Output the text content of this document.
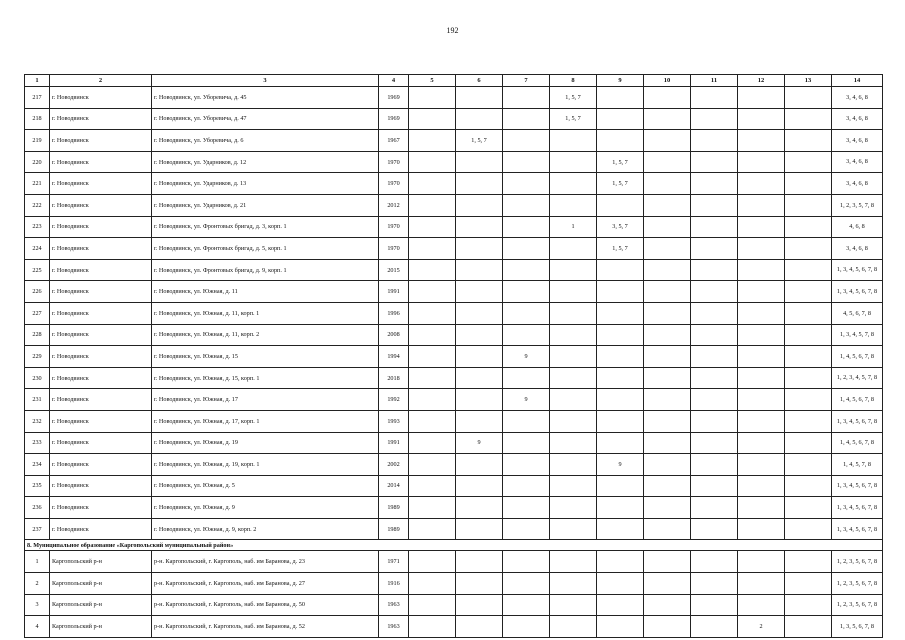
192
1	2	3	4	5	6	7	8	9	10	11	12	13	14
217	г. Новодвинск	г. Новодвинск, ул. Уборевича, д. 45	1969				1, 5, 7						3, 4, 6, 8
218	г. Новодвинск	г. Новодвинск, ул. Уборевича, д. 47	1969				1, 5, 7						3, 4, 6, 8
219	г. Новодвинск	г. Новодвинск, ул. Уборевича, д. 6	1967		1, 5, 7								3, 4, 6, 8
220	г. Новодвинск	г. Новодвинск, ул. Ударников, д. 12	1970					1, 5, 7					3, 4, 6, 8
221	г. Новодвинск	г. Новодвинск, ул. Ударников, д. 13	1970					1, 5, 7					3, 4, 6, 8
222	г. Новодвинск	г. Новодвинск, ул. Ударников, д. 21	2012										1, 2, 3, 5, 7, 8
223	г. Новодвинск	г. Новодвинск, ул. Фронтовых бригад, д. 3, корп. 1	1970				1	3, 5, 7					4, 6, 8
224	г. Новодвинск	г. Новодвинск, ул. Фронтовых бригад, д. 5, корп. 1	1970					1, 5, 7					3, 4, 6, 8
225	г. Новодвинск	г. Новодвинск, ул. Фронтовых бригад, д. 9, корп. 1	2015										1, 3, 4, 5, 6, 7, 8
226	г. Новодвинск	г. Новодвинск, ул. Южная, д. 11	1991										1, 3, 4, 5, 6, 7, 8
227	г. Новодвинск	г. Новодвинск, ул. Южная, д. 11, корп. 1	1996										4, 5, 6, 7, 8
228	г. Новодвинск	г. Новодвинск, ул. Южная, д. 11, корп. 2	2008										1, 3, 4, 5, 7, 8
229	г. Новодвинск	г. Новодвинск, ул. Южная, д. 15	1994			9							1, 4, 5, 6, 7, 8
230	г. Новодвинск	г. Новодвинск, ул. Южная, д. 15, корп. 1	2018										1, 2, 3, 4, 5, 7, 8
231	г. Новодвинск	г. Новодвинск, ул. Южная, д. 17	1992			9							1, 4, 5, 6, 7, 8
232	г. Новодвинск	г. Новодвинск, ул. Южная, д. 17, корп. 1	1993										1, 3, 4, 5, 6, 7, 8
233	г. Новодвинск	г. Новодвинск, ул. Южная, д. 19	1991		9								1, 4, 5, 6, 7, 8
234	г. Новодвинск	г. Новодвинск, ул. Южная, д. 19, корп. 1	2002					9					1, 4, 5, 7, 8
235	г. Новодвинск	г. Новодвинск, ул. Южная, д. 5	2014										1, 3, 4, 5, 6, 7, 8
236	г. Новодвинск	г. Новодвинск, ул. Южная, д. 9	1989										1, 3, 4, 5, 6, 7, 8
237	г. Новодвинск	г. Новодвинск, ул. Южная, д. 9, корп. 2	1989										1, 3, 4, 5, 6, 7, 8
8. Муниципальное образование «Каргопольский муниципальный район»													
1	Каргопольский р-н	р-н. Каргопольский, г. Каргополь, наб. им Баранова, д. 23	1971										1, 2, 3, 5, 6, 7, 8
2	Каргопольский р-н	р-н. Каргопольский, г. Каргополь, наб. им Баранова, д. 27	1916										1, 2, 3, 5, 6, 7, 8
3	Каргопольский р-н	р-н. Каргопольский, г. Каргополь, наб. им Баранова, д. 50	1963										1, 2, 3, 5, 6, 7, 8
4	Каргопольский р-н	р-н. Каргопольский, г. Каргополь, наб. им Баранова, д. 52	1963								2		1, 3, 5, 6, 7, 8
